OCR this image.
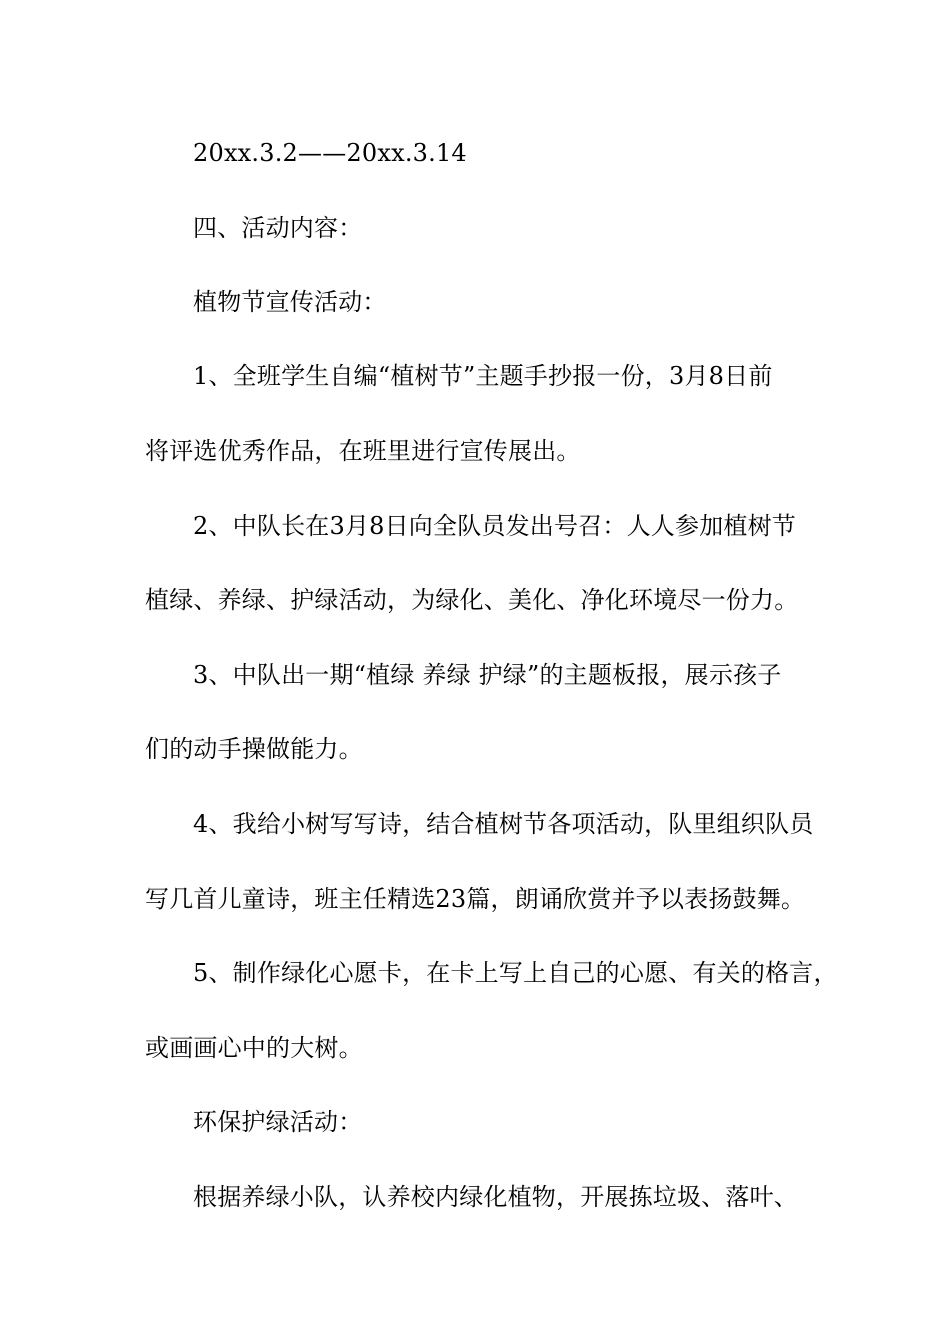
20xx.3.2——20xx.3.14
四、活动内容：
植物节宣传活动：
1、全班学生自编“植树节”主题手抄报一份，3月8日前
将评选优秀作品，在班里进行宣传展出。
2、中队长在3月8日向全队员发出号召：人人参加植树节
植绿、养绿、护绿活动，为绿化、美化、净化环境尽一份力。
3、中队出一期“植绿 养绿 护绿”的主题板报，展示孩子
们的动手操做能力。
4、我给小树写写诗，结合植树节各项活动，队里组织队员
写几首儿童诗，班主任精选23篇，朗诵欣赏并予以表扬鼓舞。
5、制作绿化心愿卡，在卡上写上自己的心愿、有关的格言，
或画画心中的大树。
环保护绿活动：
根据养绿小队，认养校内绿化植物，开展拣垃圾、落叶、
